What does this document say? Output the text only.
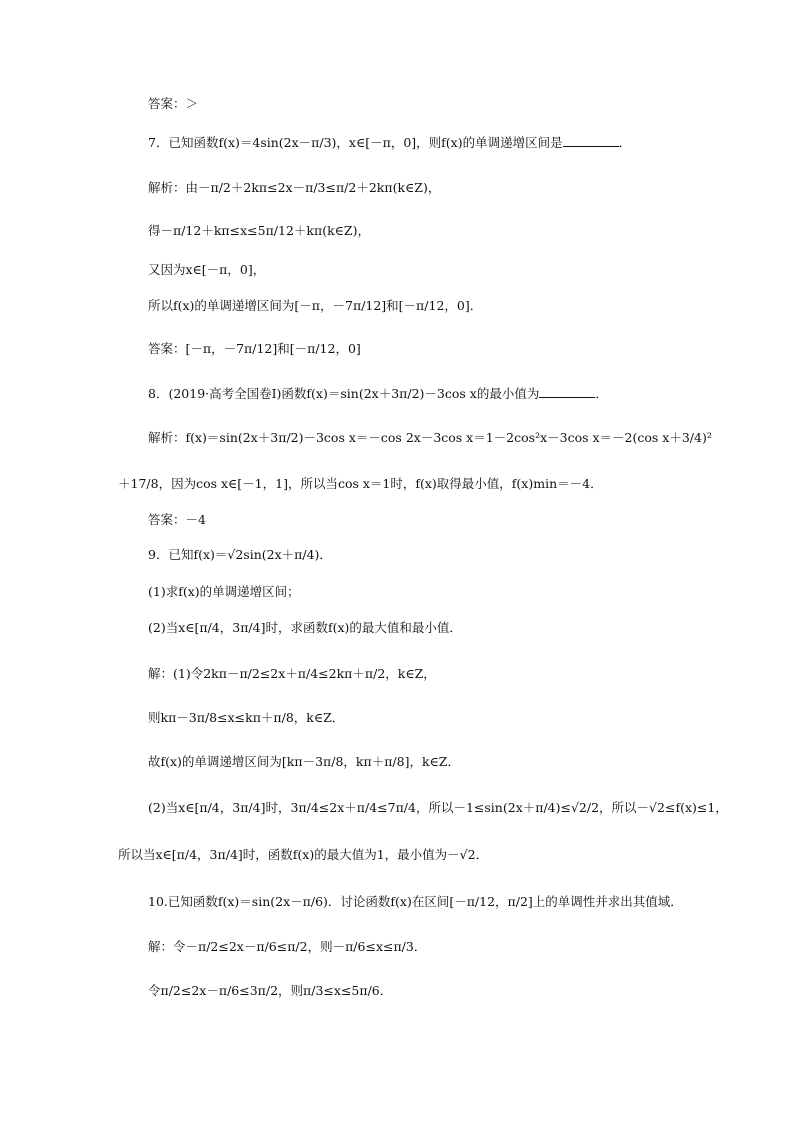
答案：＞
7．已知函数f(x)＝4sin(2x－π/3)，x∈[－π，0]，则f(x)的单调递增区间是	．
解析：由－π/2＋2kπ≤2x－π/3≤π/2＋2kπ(k∈Z)，
得－π/12＋kπ≤x≤5π/12＋kπ(k∈Z)，
又因为x∈[－π，0]，
所以f(x)的单调递增区间为[－π，－7π/12]和[－π/12，0]．
答案：[－π，－7π/12]和[－π/12，0]
8．(2019·高考全国卷Ⅰ)函数f(x)＝sin(2x＋3π/2)－3cos x的最小值为	．
解析：f(x)＝sin(2x＋3π/2)－3cos x＝－cos 2x－3cos x＝1－2cos²x－3cos x＝－2(cos x＋3/4)²
＋17/8，因为cos x∈[－1，1]，所以当cos x＝1时，f(x)取得最小值，f(x)min＝－4．
答案：－4
9．已知f(x)＝√2sin(2x＋π/4)．
(1)求f(x)的单调递增区间；
(2)当x∈[π/4，3π/4]时，求函数f(x)的最大值和最小值．
解：(1)令2kπ－π/2≤2x＋π/4≤2kπ＋π/2，k∈Z，
则kπ－3π/8≤x≤kπ＋π/8，k∈Z．
故f(x)的单调递增区间为[kπ－3π/8，kπ＋π/8]，k∈Z．
(2)当x∈[π/4，3π/4]时，3π/4≤2x＋π/4≤7π/4，所以－1≤sin(2x＋π/4)≤√2/2，所以－√2≤f(x)≤1，
所以当x∈[π/4，3π/4]时，函数f(x)的最大值为1，最小值为－√2．
10.已知函数f(x)＝sin(2x－π/6)．讨论函数f(x)在区间[－π/12，π/2]上的单调性并求出其值域．
解：令－π/2≤2x－π/6≤π/2，则－π/6≤x≤π/3．
令π/2≤2x－π/6≤3π/2，则π/3≤x≤5π/6．
